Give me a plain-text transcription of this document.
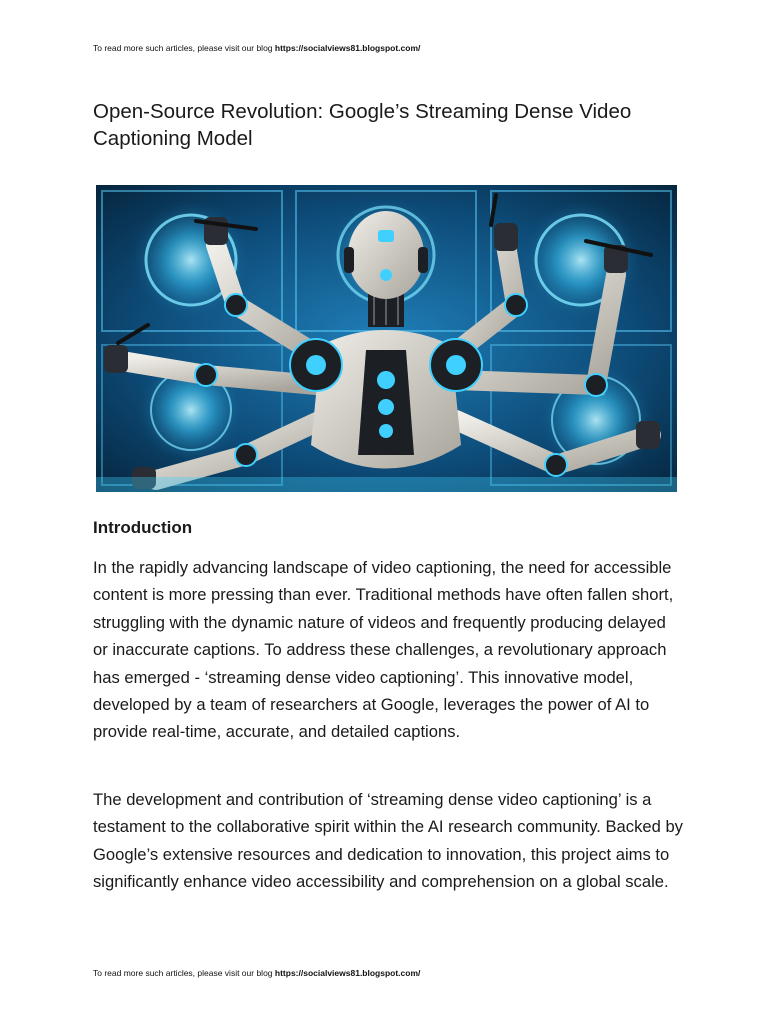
To read more such articles, please visit our blog https://socialviews81.blogspot.com/
Open-Source Revolution: Google’s Streaming Dense Video Captioning Model
Introduction

In the rapidly advancing landscape of video captioning, the need for accessible content is more pressing than ever. Traditional methods have often fallen short, struggling with the dynamic nature of videos and frequently producing delayed or inaccurate captions. To address these challenges, a revolutionary approach has emerged - ‘streaming dense video captioning’. This innovative model, developed by a team of researchers at Google, leverages the power of AI to provide real-time, accurate, and detailed captions.

The development and contribution of ‘streaming dense video captioning’ is a testament to the collaborative spirit within the AI research community. Backed by Google’s extensive resources and dedication to innovation, this project aims to significantly enhance video accessibility and comprehension on a global scale.

To read more such articles, please visit our blog https://socialviews81.blogspot.com/
